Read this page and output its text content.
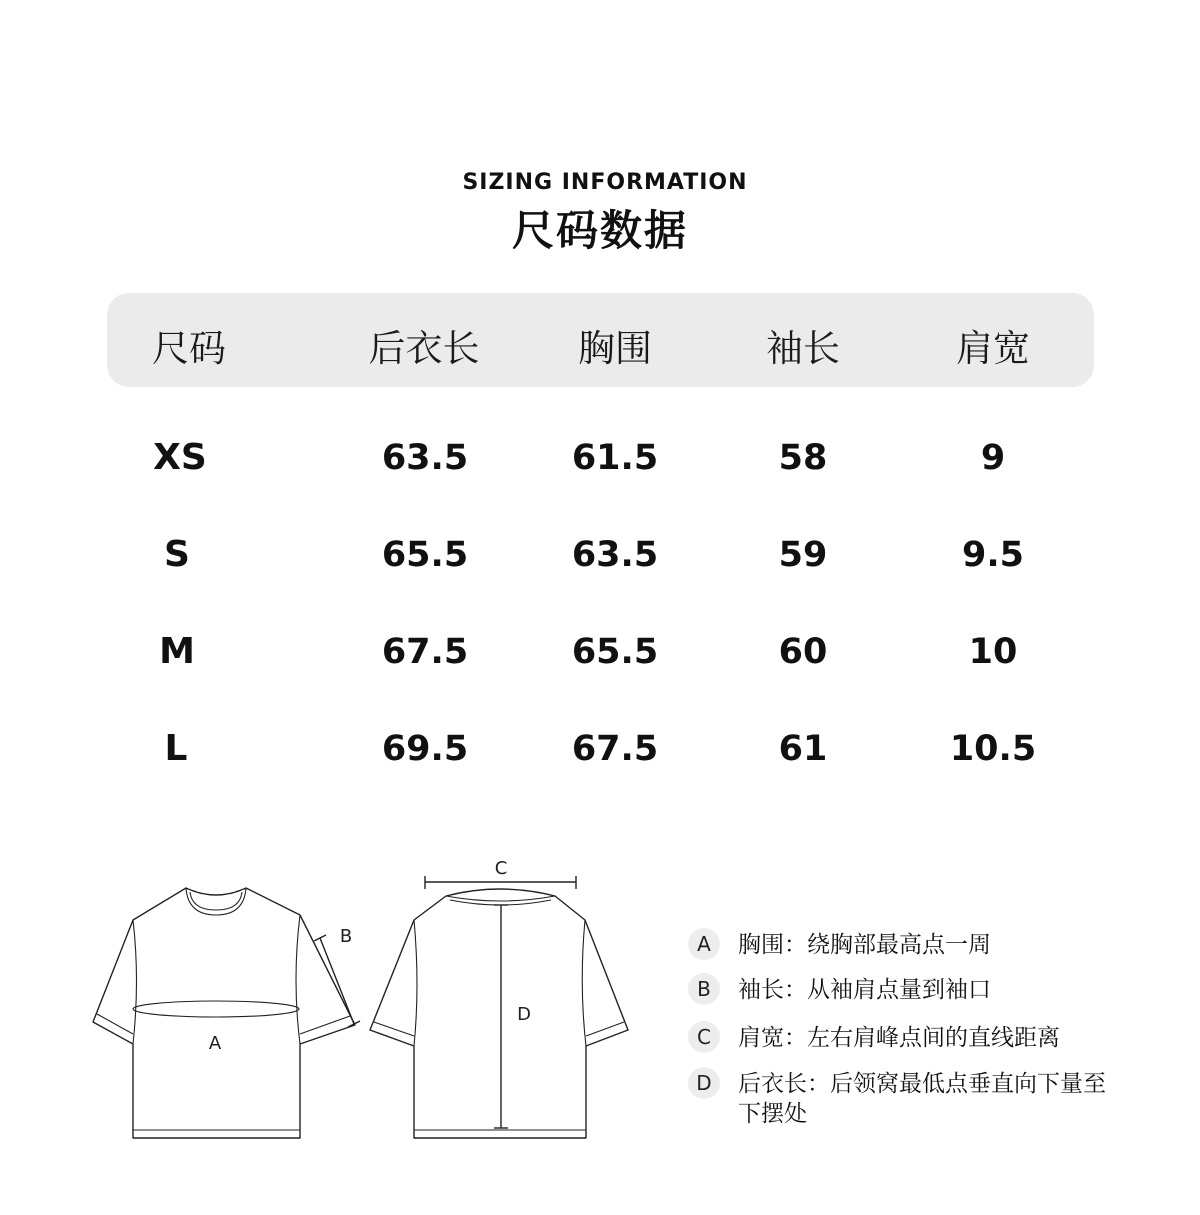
SIZING INFORMATION
尺码数据
尺码	后衣长	胸围	袖长	肩宽
XS	63.5	61.5	58	9
S	65.5	63.5	59	9.5
M	67.5	65.5	60	10
L	69.5	67.5	61	10.5
A
B
C
D
A	胸围：绕胸部最高点一周
B	袖长：从袖肩点量到袖口
C	肩宽：左右肩峰点间的直线距离
D	后衣长：后领窝最低点垂直向下量至下摆处
